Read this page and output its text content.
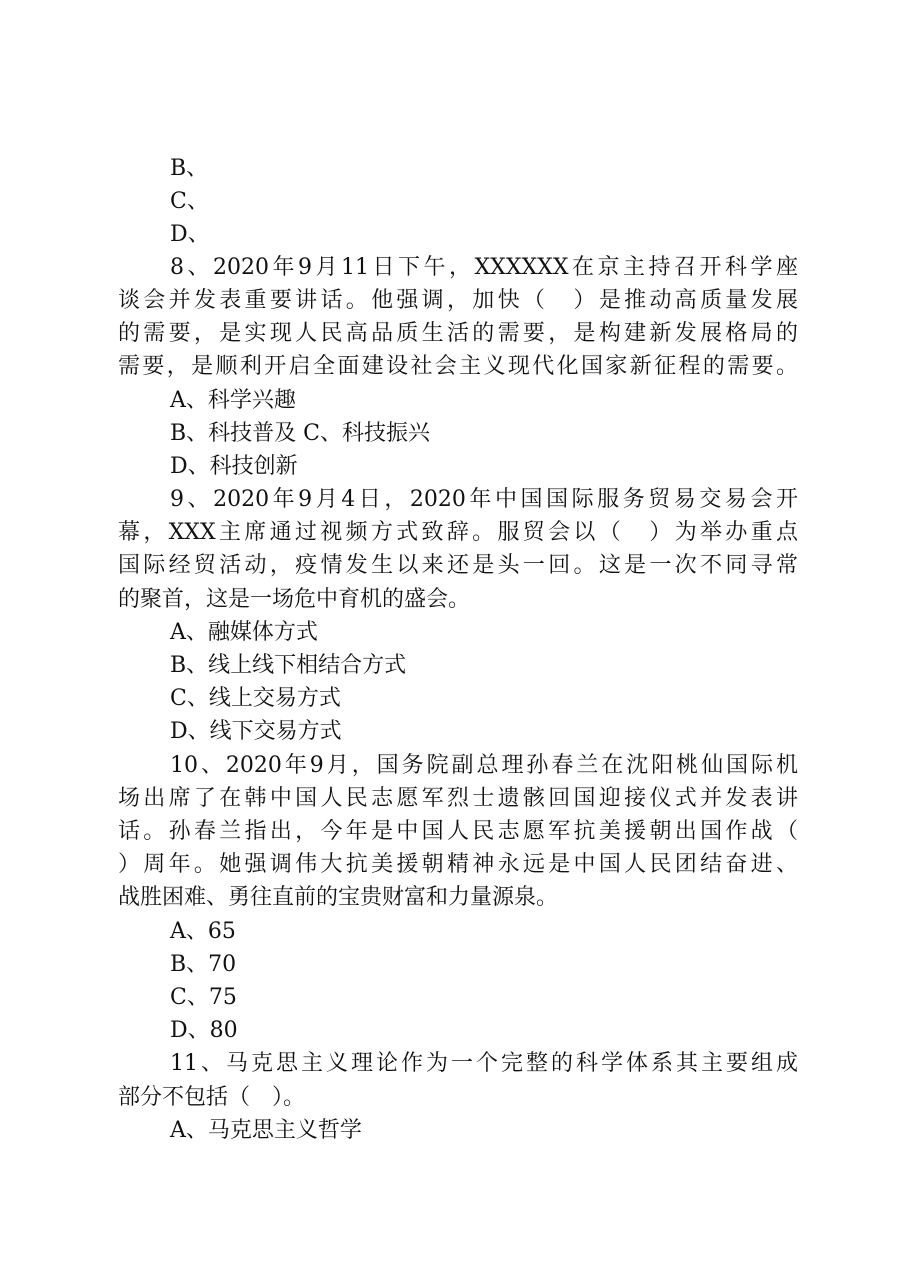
B、
C、
D、
8、2020年9月11日下午，XXXXXX在京主持召开科学座
谈会并发表重要讲话。他强调，加快（　）是推动高质量发展
的需要，是实现人民高品质生活的需要，是构建新发展格局的
需要，是顺利开启全面建设社会主义现代化国家新征程的需要。
A、科学兴趣
B、科技普及 C、科技振兴
D、科技创新
9、2020年9月4日，2020年中国国际服务贸易交易会开
幕，XXX主席通过视频方式致辞。服贸会以（　）为举办重点
国际经贸活动，疫情发生以来还是头一回。这是一次不同寻常
的聚首，这是一场危中育机的盛会。
A、融媒体方式
B、线上线下相结合方式
C、线上交易方式
D、线下交易方式
10、2020年9月，国务院副总理孙春兰在沈阳桃仙国际机
场出席了在韩中国人民志愿军烈士遗骸回国迎接仪式并发表讲
话。孙春兰指出，今年是中国人民志愿军抗美援朝出国作战（
）周年。她强调伟大抗美援朝精神永远是中国人民团结奋进、
战胜困难、勇往直前的宝贵财富和力量源泉。
A、65
B、70
C、75
D、80
11、马克思主义理论作为一个完整的科学体系其主要组成
部分不包括（　）。
A、马克思主义哲学
